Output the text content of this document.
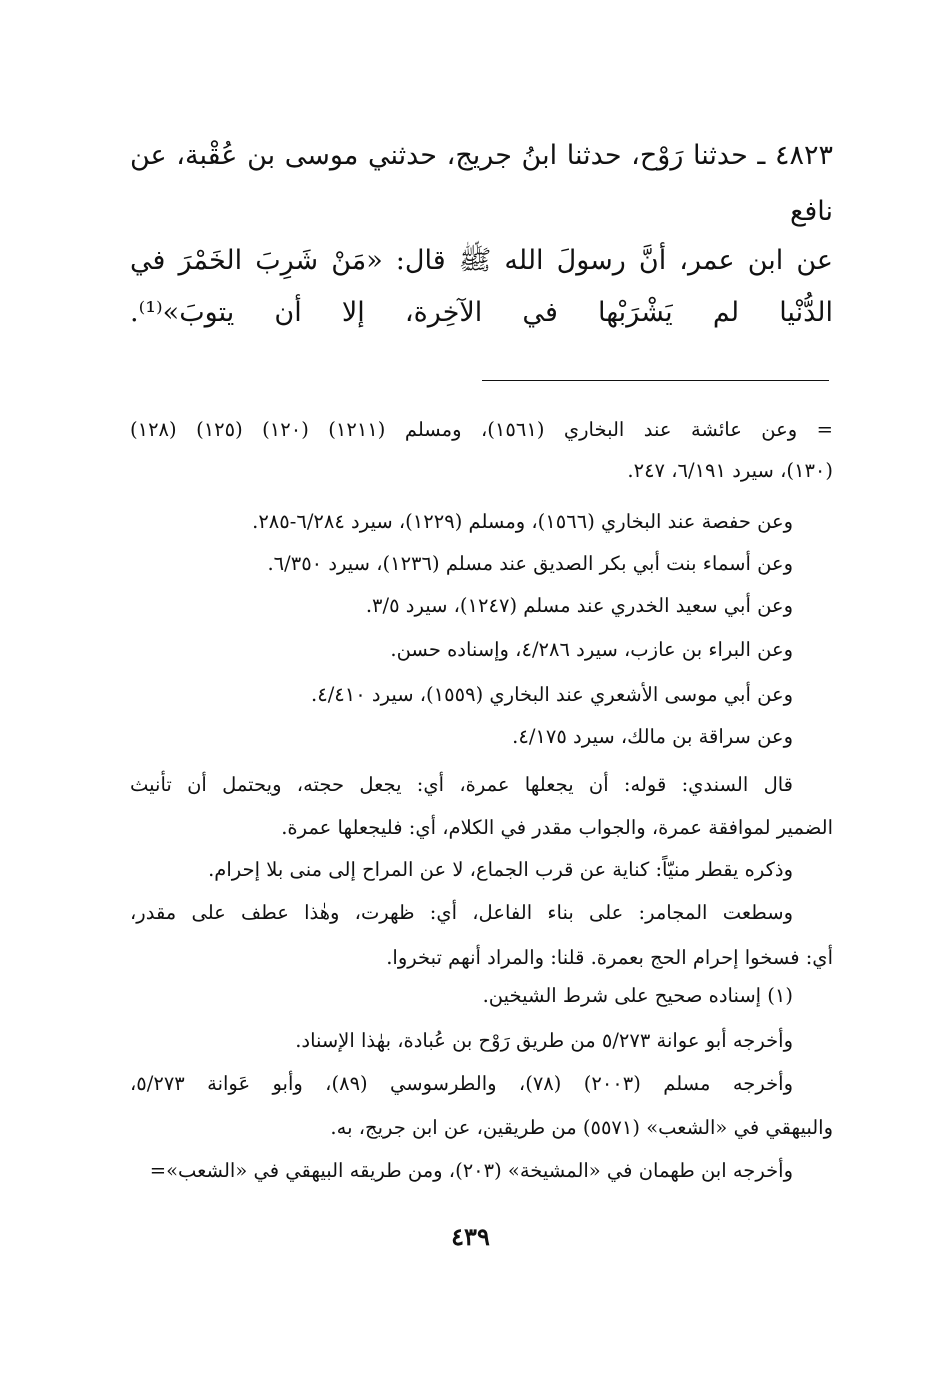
٤٨٢٣ ـ حدثنا رَوْح، حدثنا ابنُ جريج، حدثني موسى بن عُقْبة، عن
نافع
عن ابن عمر، أنَّ رسولَ الله ﷺ قال: «مَنْ شَرِبَ الخَمْرَ في
الدُّنْيا لم يَشْرَبْها في الآخِرة، إلا أن يتوبَ»⁽¹⁾.
= وعن عائشة عند البخاري (١٥٦١)، ومسلم (١٢١١) (١٢٠) (١٢٥) (١٢٨)
(١٣٠)، سيرد ٦/١٩١، ٢٤٧.
وعن حفصة عند البخاري (١٥٦٦)، ومسلم (١٢٢٩)، سيرد ٦/٢٨٤-٢٨٥.
وعن أسماء بنت أبي بكر الصديق عند مسلم (١٢٣٦)، سيرد ٦/٣٥٠.
وعن أبي سعيد الخدري عند مسلم (١٢٤٧)، سيرد ٣/٥.
وعن البراء بن عازب، سيرد ٤/٢٨٦، وإسناده حسن.
وعن أبي موسى الأشعري عند البخاري (١٥٥٩)، سيرد ٤/٤١٠.
وعن سراقة بن مالك، سيرد ٤/١٧٥.
قال السندي: قوله: أن يجعلها عمرة، أي: يجعل حجته، ويحتمل أن تأنيث
الضمير لموافقة عمرة، والجواب مقدر في الكلام، أي: فليجعلها عمرة.
وذكره يقطر منيّاً: كناية عن قرب الجماع، لا عن المراح إلى منى بلا إحرام.
وسطعت المجامر: على بناء الفاعل، أي: ظهرت، وهٰذا عطف على مقدر،
أي: فسخوا إحرام الحج بعمرة. قلنا: والمراد أنهم تبخروا.
(١) إسناده صحيح على شرط الشيخين.
وأخرجه أبو عوانة ٥/٢٧٣ من طريق رَوْح بن عُبادة، بهٰذا الإسناد.
وأخرجه مسلم (٢٠٠٣) (٧٨)، والطرسوسي (٨٩)، وأبو عَوانة ٥/٢٧٣،
والبيهقي في «الشعب» (٥٥٧١) من طريقين، عن ابن جريج، به.
وأخرجه ابن طهمان في «المشيخة» (٢٠٣)، ومن طريقه البيهقي في «الشعب»=
٤٣٩
